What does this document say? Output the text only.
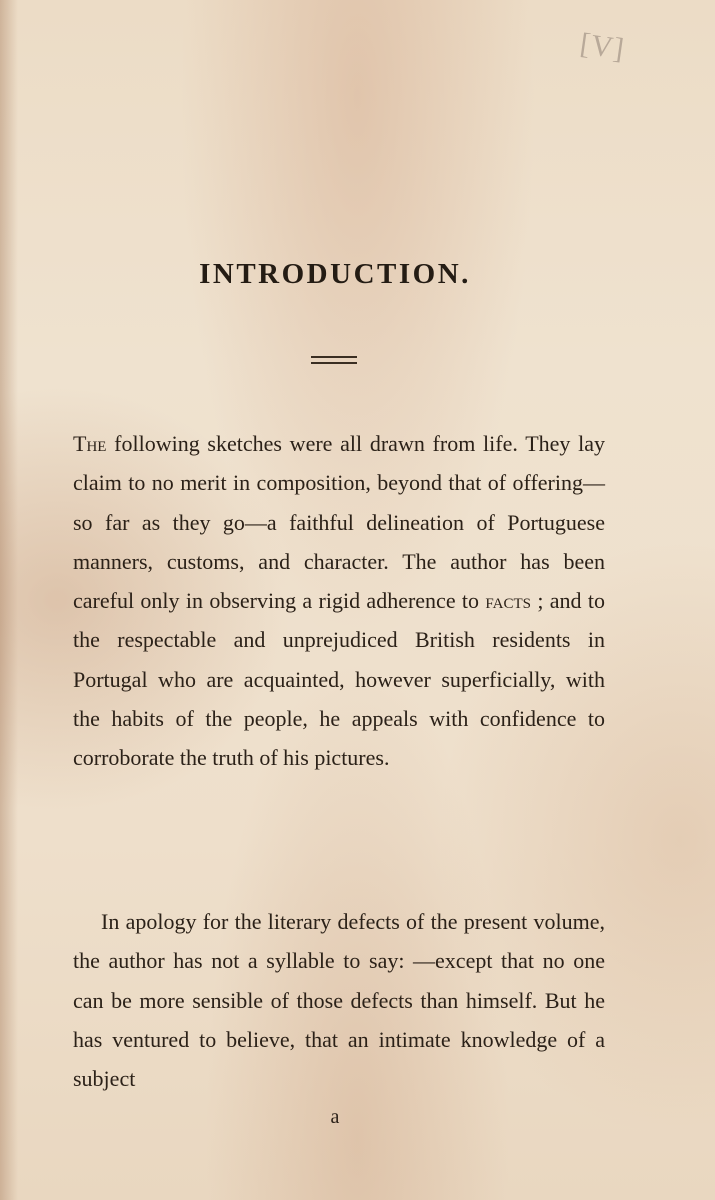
[V]
INTRODUCTION.
The following sketches were all drawn from life. They lay claim to no merit in composition, beyond that of offering—so far as they go—a faithful delineation of Portuguese manners, customs, and character. The author has been careful only in observing a rigid adherence to facts ; and to the respectable and unprejudiced British residents in Portugal who are acquainted, however superficially, with the habits of the people, he appeals with confidence to corroborate the truth of his pictures.
In apology for the literary defects of the present volume, the author has not a syllable to say: —except that no one can be more sensible of those defects than himself. But he has ventured to believe, that an intimate knowledge of a subject
a
